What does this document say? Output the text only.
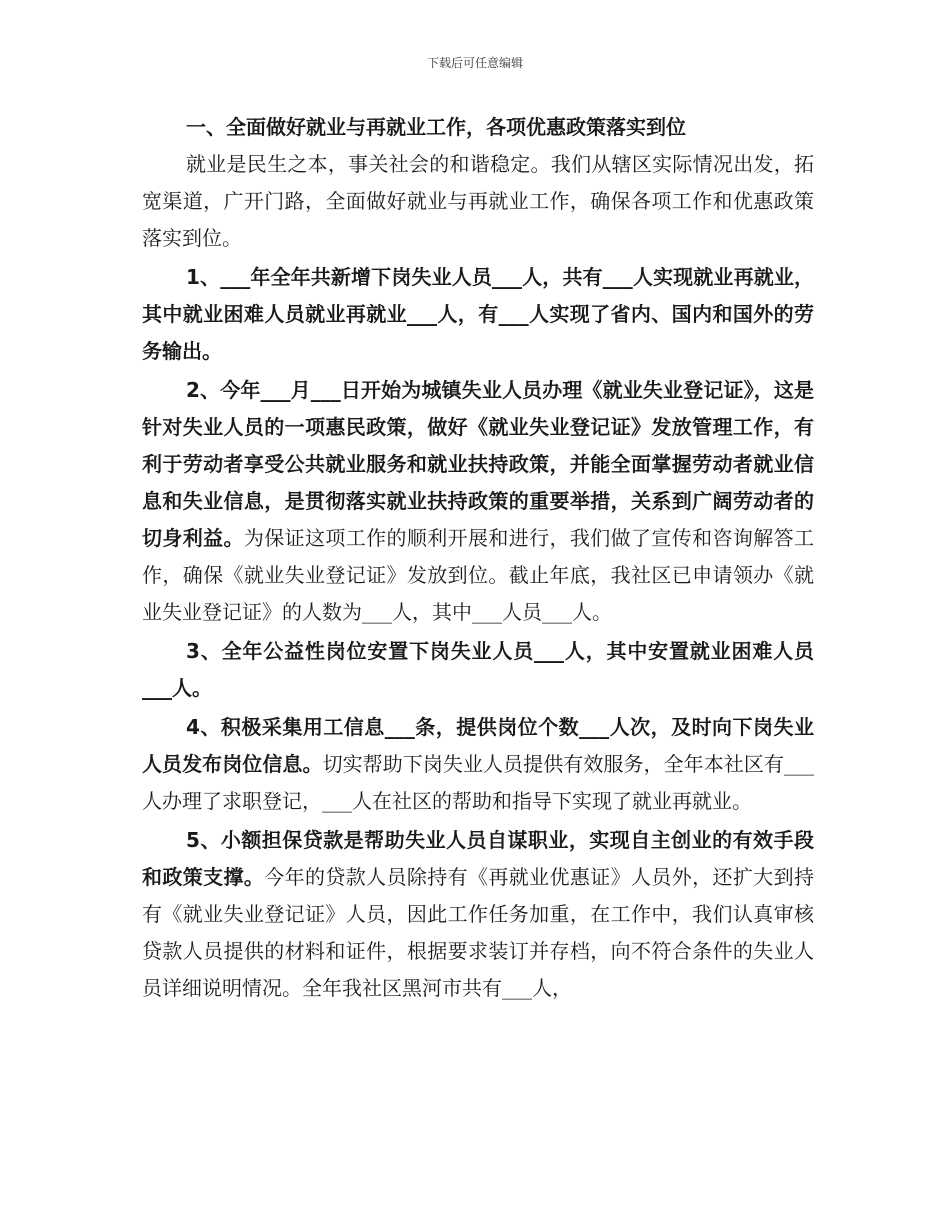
下载后可任意编辑

一、全面做好就业与再就业工作，各项优惠政策落实到位

就业是民生之本，事关社会的和谐稳定。我们从辖区实际情况出发，拓宽渠道，广开门路，全面做好就业与再就业工作，确保各项工作和优惠政策落实到位。

1、___年全年共新增下岗失业人员___人，共有___人实现就业再就业，其中就业困难人员就业再就业___人，有___人实现了省内、国内和国外的劳务输出。

2、今年___月___日开始为城镇失业人员办理《就业失业登记证》，这是针对失业人员的一项惠民政策，做好《就业失业登记证》发放管理工作，有利于劳动者享受公共就业服务和就业扶持政策，并能全面掌握劳动者就业信息和失业信息，是贯彻落实就业扶持政策的重要举措，关系到广阔劳动者的切身利益。为保证这项工作的顺利开展和进行，我们做了宣传和咨询解答工作，确保《就业失业登记证》发放到位。截止年底，我社区已申请领办《就业失业登记证》的人数为___人，其中___人员___人。

3、全年公益性岗位安置下岗失业人员___人，其中安置就业困难人员___人。

4、积极采集用工信息___条，提供岗位个数___人次，及时向下岗失业人员发布岗位信息。切实帮助下岗失业人员提供有效服务，全年本社区有___人办理了求职登记，___人在社区的帮助和指导下实现了就业再就业。

5、小额担保贷款是帮助失业人员自谋职业，实现自主创业的有效手段和政策支撑。今年的贷款人员除持有《再就业优惠证》人员外，还扩大到持有《就业失业登记证》人员，因此工作任务加重，在工作中，我们认真审核贷款人员提供的材料和证件，根据要求装订并存档，向不符合条件的失业人员详细说明情况。全年我社区黑河市共有___人，
